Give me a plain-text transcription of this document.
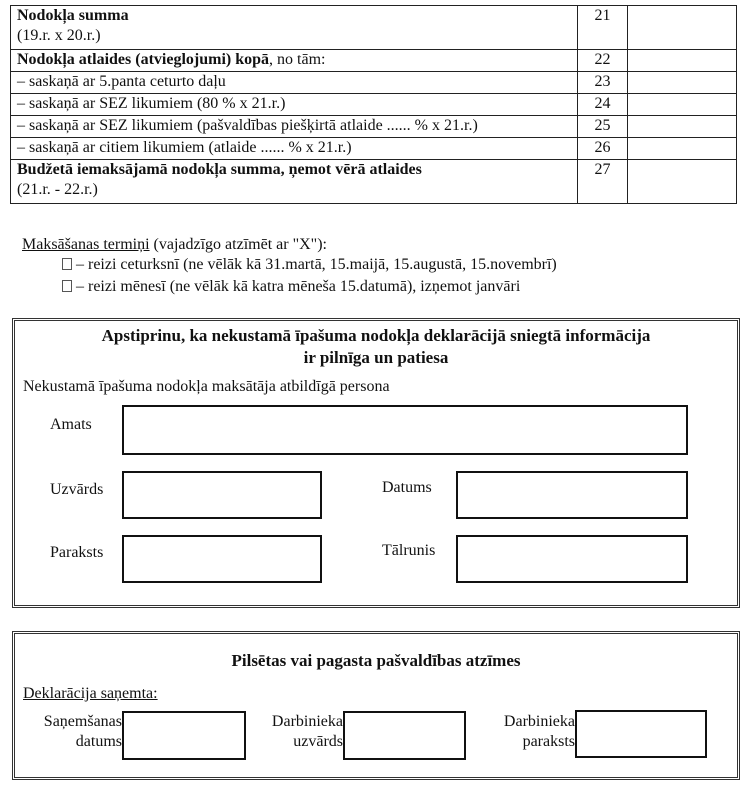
Nodokļa summa
(19.r. x 20.r.)	21	
Nodokļa atlaides (atvieglojumi) kopā, no tām:	22	
– saskaņā ar 5.panta ceturto daļu	23	
– saskaņā ar SEZ likumiem (80 % x 21.r.)	24	
– saskaņā ar SEZ likumiem (pašvaldības piešķirtā atlaide ...... % x 21.r.)	25	
– saskaņā ar citiem likumiem (atlaide ...... % x 21.r.)	26	
Budžetā iemaksājamā nodokļa summa, ņemot vērā atlaides
(21.r. - 22.r.)	27	
Maksāšanas termiņi (vajadzīgo atzīmēt ar "X"):
– reizi ceturksnī (ne vēlāk kā 31.martā, 15.maijā, 15.augustā, 15.novembrī)
– reizi mēnesī (ne vēlāk kā katra mēneša 15.datumā), izņemot janvāri
Apstiprinu, ka nekustamā īpašuma nodokļa deklarācijā sniegtā informācija
ir pilnīga un patiesa
Nekustamā īpašuma nodokļa maksātāja atbildīgā persona
Amats
Uzvārds	Datums
Paraksts	Tālrunis
Pilsētas vai pagasta pašvaldības atzīmes
Deklarācija saņemta:
Saņemšanas
datums
Darbinieka
uzvārds
Darbinieka
paraksts
